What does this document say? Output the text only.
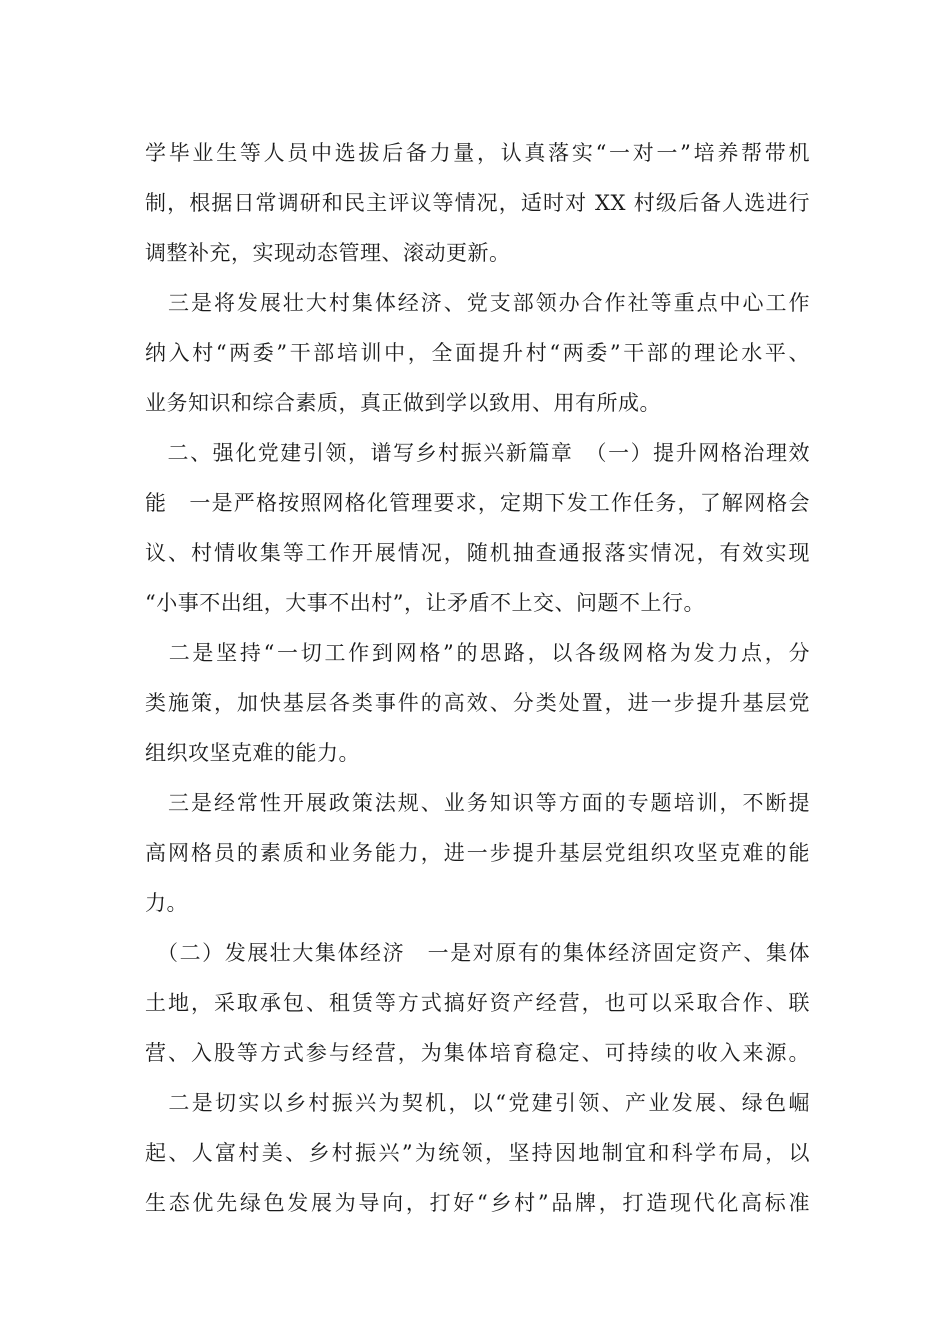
学毕业生等人员中选拔后备力量，认真落实“一对一”培养帮带机
制，根据日常调研和民主评议等情况，适时对 XX 村级后备人选进行
调整补充，实现动态管理、滚动更新。
　三是将发展壮大村集体经济、党支部领办合作社等重点中心工作
纳入村“两委”干部培训中，全面提升村“两委”干部的理论水平、
业务知识和综合素质，真正做到学以致用、用有所成。
　二、强化党建引领，谱写乡村振兴新篇章　（一）提升网格治理效
能　一是严格按照网格化管理要求，定期下发工作任务，了解网格会
议、村情收集等工作开展情况，随机抽查通报落实情况，有效实现
“小事不出组，大事不出村”，让矛盾不上交、问题不上行。
　二是坚持“一切工作到网格”的思路，以各级网格为发力点，分
类施策，加快基层各类事件的高效、分类处置，进一步提升基层党
组织攻坚克难的能力。
　三是经常性开展政策法规、业务知识等方面的专题培训，不断提
高网格员的素质和业务能力，进一步提升基层党组织攻坚克难的能
力。
　（二）发展壮大集体经济　一是对原有的集体经济固定资产、集体
土地，采取承包、租赁等方式搞好资产经营，也可以采取合作、联
营、入股等方式参与经营，为集体培育稳定、可持续的收入来源。
　二是切实以乡村振兴为契机，以“党建引领、产业发展、绿色崛
起、人富村美、乡村振兴”为统领，坚持因地制宜和科学布局，以
生态优先绿色发展为导向，打好“乡村”品牌，打造现代化高标准
